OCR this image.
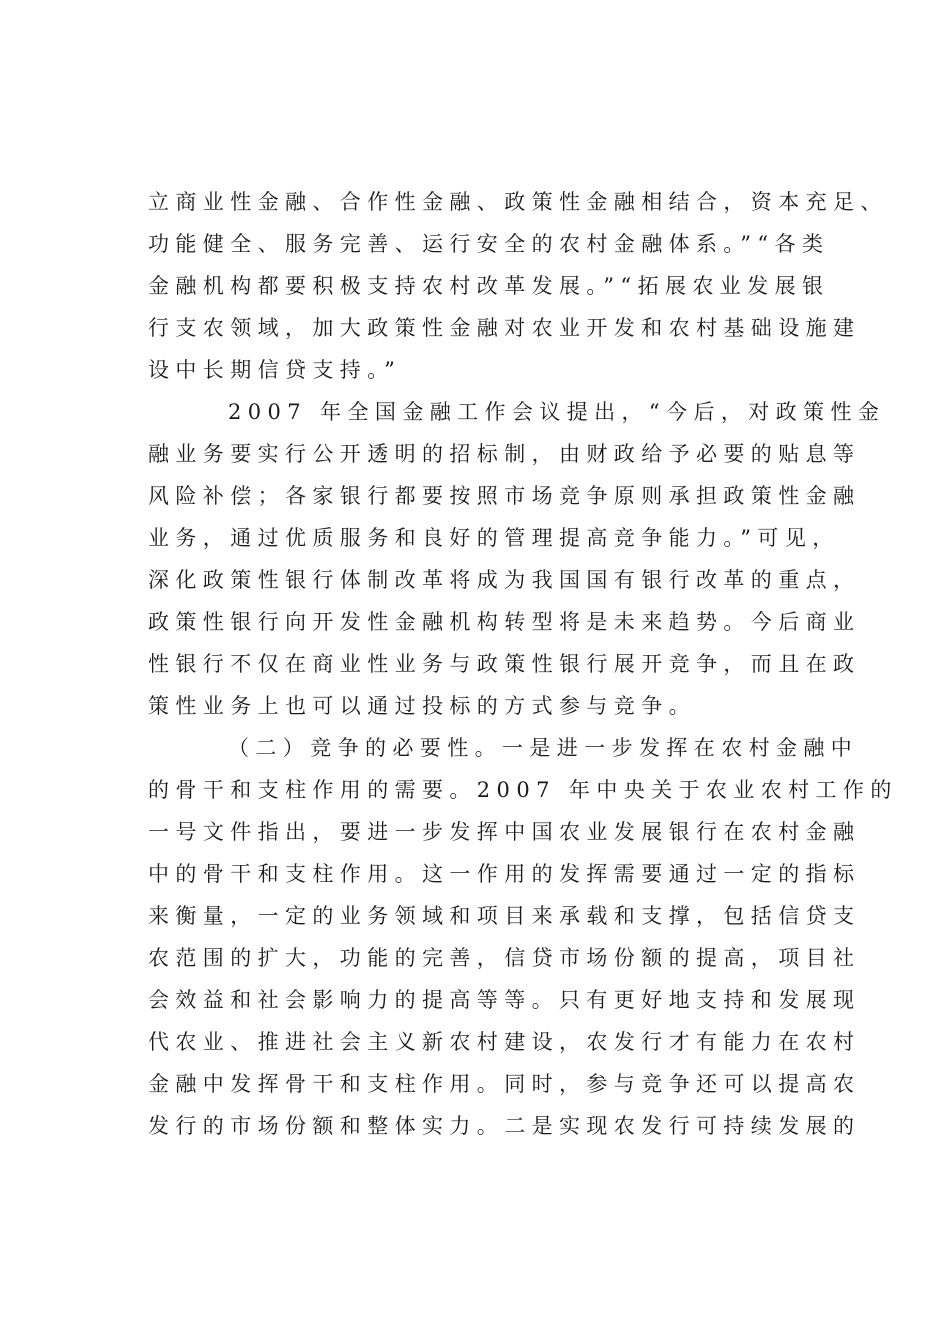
立商业性金融、合作性金融、政策性金融相结合，资本充足、
功能健全、服务完善、运行安全的农村金融体系。”“各类
金融机构都要积极支持农村改革发展。”“拓展农业发展银
行支农领域，加大政策性金融对农业开发和农村基础设施建
设中长期信贷支持。”
2007 年全国金融工作会议提出，“今后，对政策性金
融业务要实行公开透明的招标制，由财政给予必要的贴息等
风险补偿；各家银行都要按照市场竞争原则承担政策性金融
业务，通过优质服务和良好的管理提高竞争能力。”可见，
深化政策性银行体制改革将成为我国国有银行改革的重点，
政策性银行向开发性金融机构转型将是未来趋势。今后商业
性银行不仅在商业性业务与政策性银行展开竞争，而且在政
策性业务上也可以通过投标的方式参与竞争。
（二）竞争的必要性。一是进一步发挥在农村金融中
的骨干和支柱作用的需要。2007 年中央关于农业农村工作的
一号文件指出，要进一步发挥中国农业发展银行在农村金融
中的骨干和支柱作用。这一作用的发挥需要通过一定的指标
来衡量，一定的业务领域和项目来承载和支撑，包括信贷支
农范围的扩大，功能的完善，信贷市场份额的提高，项目社
会效益和社会影响力的提高等等。只有更好地支持和发展现
代农业、推进社会主义新农村建设，农发行才有能力在农村
金融中发挥骨干和支柱作用。同时，参与竞争还可以提高农
发行的市场份额和整体实力。二是实现农发行可持续发展的
